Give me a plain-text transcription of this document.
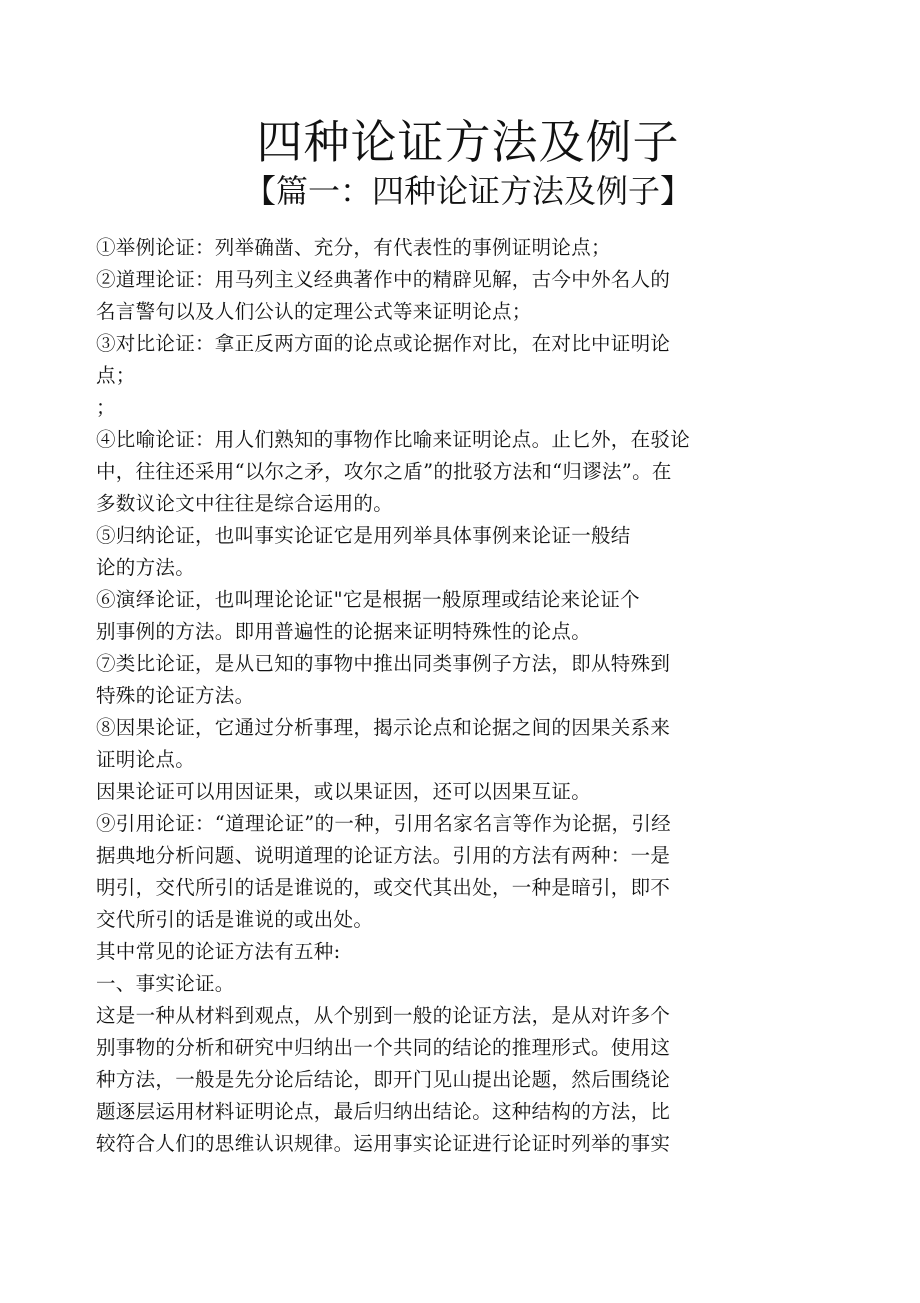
四种论证方法及例子
【篇一：四种论证方法及例子】
①举例论证：列举确凿、充分，有代表性的事例证明论点；
②道理论证：用马列主义经典著作中的精辟见解，古今中外名人的
名言警句以及人们公认的定理公式等来证明论点；
③对比论证：拿正反两方面的论点或论据作对比，在对比中证明论
点；
；
④比喻论证：用人们熟知的事物作比喻来证明论点。止匕外，在驳论
中，往往还采用“以尔之矛，攻尔之盾”的批驳方法和“归谬法”。在
多数议论文中往往是综合运用的。
⑤归纳论证，也叫事实论证它是用列举具体事例来论证一般结
论的方法。
⑥演绎论证，也叫理论论证"它是根据一般原理或结论来论证个
别事例的方法。即用普遍性的论据来证明特殊性的论点。
⑦类比论证，是从已知的事物中推出同类事例子方法，即从特殊到
特殊的论证方法。
⑧因果论证，它通过分析事理，揭示论点和论据之间的因果关系来
证明论点。
因果论证可以用因证果，或以果证因，还可以因果互证。
⑨引用论证：“道理论证”的一种，引用名家名言等作为论据，引经
据典地分析问题、说明道理的论证方法。引用的方法有两种：一是
明引，交代所引的话是谁说的，或交代其出处，一种是暗引，即不
交代所引的话是谁说的或出处。
其中常见的论证方法有五种:
一、事实论证。
这是一种从材料到观点，从个别到一般的论证方法，是从对许多个
别事物的分析和研究中归纳出一个共同的结论的推理形式。使用这
种方法，一般是先分论后结论，即开门见山提出论题，然后围绕论
题逐层运用材料证明论点，最后归纳出结论。这种结构的方法，比
较符合人们的思维认识规律。运用事实论证进行论证时列举的事实
